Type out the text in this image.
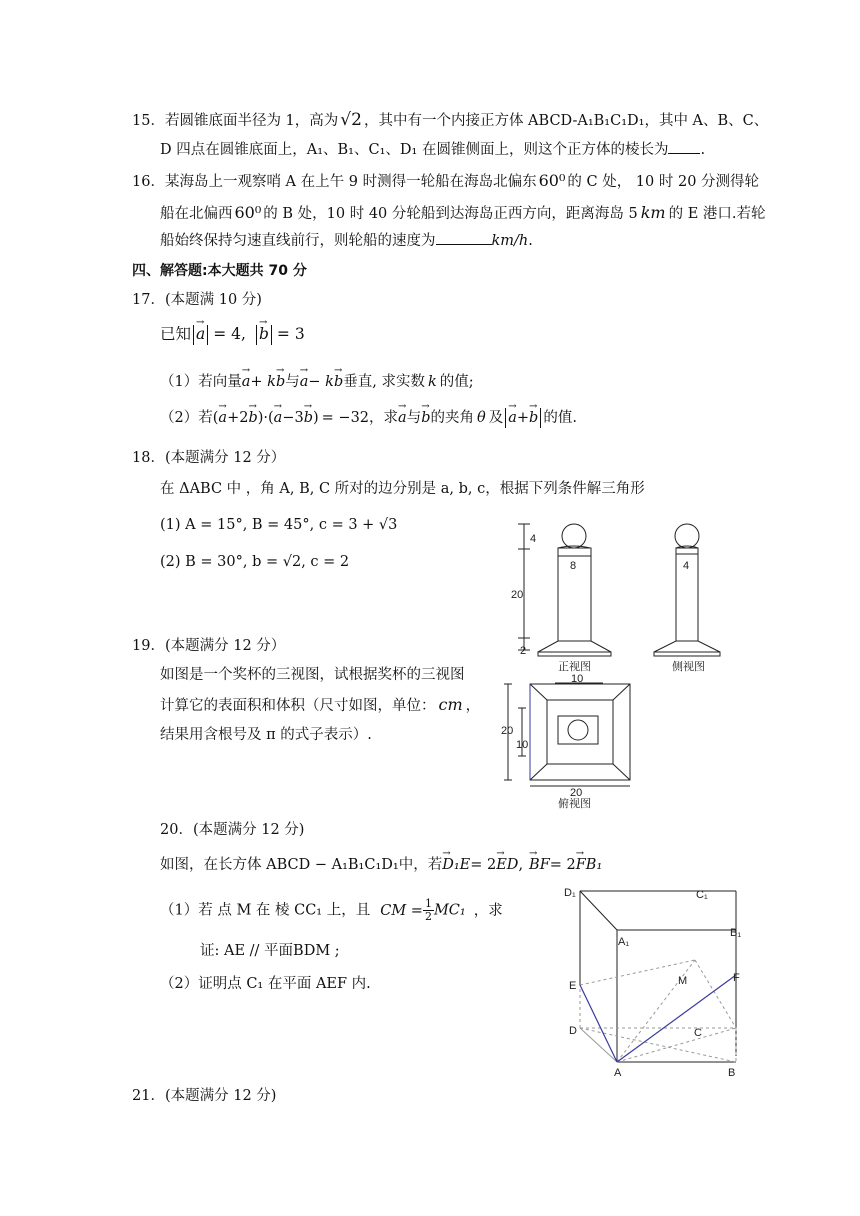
15．若圆锥底面半径为 1，高为 √2 ，其中有一个内接正方体 ABCD-A₁B₁C₁D₁，其中 A、B、C、
D 四点在圆锥底面上，A₁、B₁、C₁、D₁ 在圆锥侧面上，则这个正方体的棱长为 .
16．某海岛上一观察哨 A 在上午 9 时测得一轮船在海岛北偏东 60⁰ 的 C 处， 10 时 20 分测得轮
船在北偏西 60⁰ 的 B 处，10 时 40 分轮船到达海岛正西方向，距离海岛 5 km 的 E 港口.若轮
船始终保持匀速直线前行，则轮船的速度为	km/h.
四、解答题:本大题共 70 分
17．(本题满 10 分)
已知 → a = 4, → b = 3
（1）若向量→ a+ k→ b与→ a− k→ b垂直, 求实数 k 的值;
（2）若(→ a+2→ b)·(→ a−3→ b) = −32，求→ a与→ b的夹角 θ 及 → a+→ b 的值.
18．(本题满分 12 分）
在 ΔABC 中 ，角 A, B, C 所对的边分别是 a, b, c，根据下列条件解三角形
(1) A = 15°, B = 45°, c = 3 + √3
(2) B = 30°, b = √2, c = 2
19．(本题满分 12 分）
如图是一个奖杯的三视图，试根据奖杯的三视图
计算它的表面积和体积（尺寸如图，单位： cm ，
结果用含根号及 π 的式子表示）.
4
20
2
8
正视图
4
侧视图
10
20
10
20
俯视图
20．(本题满分 12 分)
如图，在长方体 ABCD − A₁B₁C₁D₁中，若→ D₁E= 2→ ED, → BF= 2→ FB₁
（1）若 点 M 在 棱 CC₁ 上，且 CM = $\frac{1}{2} MC_1$ ，求
证: AE // 平面BDM ;
（2）证明点 C₁ 在平面 AEF 内.
D₁	C₁
A₁
B₁
E
F
M
D	C
A	B
21．(本题满分 12 分)
